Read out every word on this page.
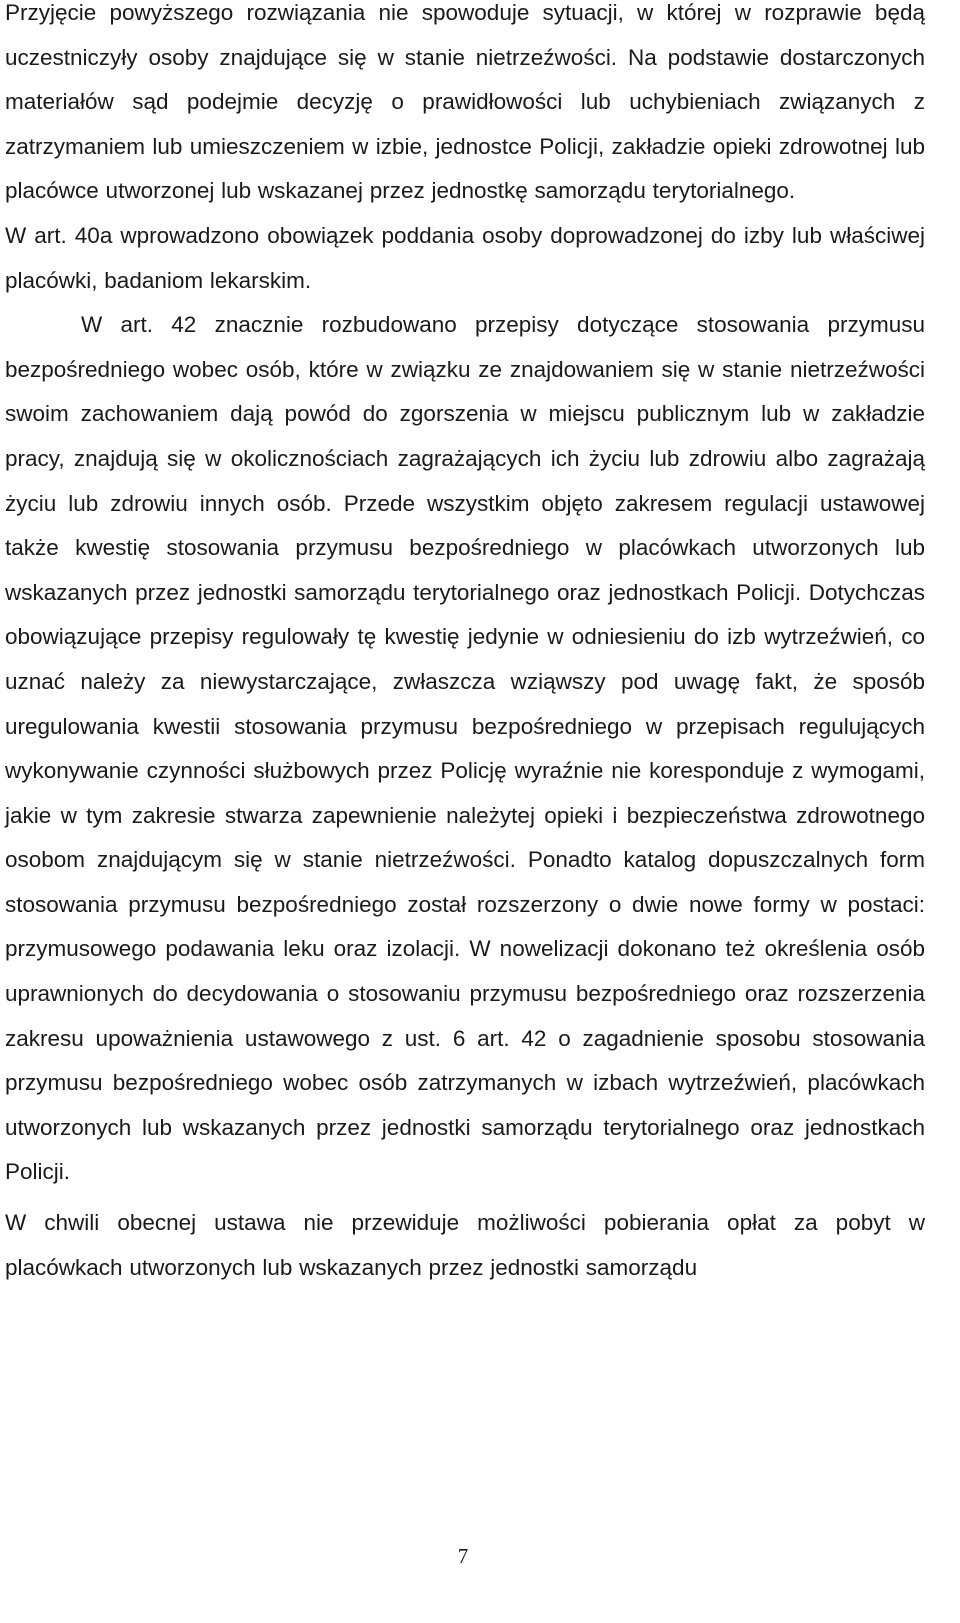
Przyjęcie powyższego rozwiązania nie spowoduje sytuacji, w której w rozprawie będą uczestniczyły osoby znajdujące się w stanie nietrzeźwości. Na podstawie dostarczonych materiałów sąd podejmie decyzję o prawidłowości lub uchybieniach związanych z zatrzymaniem lub umieszczeniem w izbie, jednostce Policji, zakładzie opieki zdrowotnej lub placówce utworzonej lub wskazanej przez jednostkę samorządu terytorialnego.

W art. 40a wprowadzono obowiązek poddania osoby doprowadzonej do izby lub właściwej placówki, badaniom lekarskim.

W art. 42 znacznie rozbudowano przepisy dotyczące stosowania przymusu bezpośredniego wobec osób, które w związku ze znajdowaniem się w stanie nietrzeźwości swoim zachowaniem dają powód do zgorszenia w miejscu publicznym lub w zakładzie pracy, znajdują się w okolicznościach zagrażających ich życiu lub zdrowiu albo zagrażają życiu lub zdrowiu innych osób. Przede wszystkim objęto zakresem regulacji ustawowej także kwestię stosowania przymusu bezpośredniego w placówkach utworzonych lub wskazanych przez jednostki samorządu terytorialnego oraz jednostkach Policji. Dotychczas obowiązujące przepisy regulowały tę kwestię jedynie w odniesieniu do izb wytrzeźwień, co uznać należy za niewystarczające, zwłaszcza wziąwszy pod uwagę fakt, że sposób uregulowania kwestii stosowania przymusu bezpośredniego w przepisach regulujących wykonywanie czynności służbowych przez Policję wyraźnie nie koresponduje z wymogami, jakie w tym zakresie stwarza zapewnienie należytej opieki i bezpieczeństwa zdrowotnego osobom znajdującym się w stanie nietrzeźwości. Ponadto katalog dopuszczalnych form stosowania przymusu bezpośredniego został rozszerzony o dwie nowe formy w postaci: przymusowego podawania leku oraz izolacji. W nowelizacji dokonano też określenia osób uprawnionych do decydowania o stosowaniu przymusu bezpośredniego oraz rozszerzenia zakresu upoważnienia ustawowego z ust. 6 art. 42 o zagadnienie sposobu stosowania przymusu bezpośredniego wobec osób zatrzymanych w izbach wytrzeźwień, placówkach utworzonych lub wskazanych przez jednostki samorządu terytorialnego oraz jednostkach Policji.

W chwili obecnej ustawa nie przewiduje możliwości pobierania opłat za pobyt w placówkach utworzonych lub wskazanych przez jednostki samorządu

7
